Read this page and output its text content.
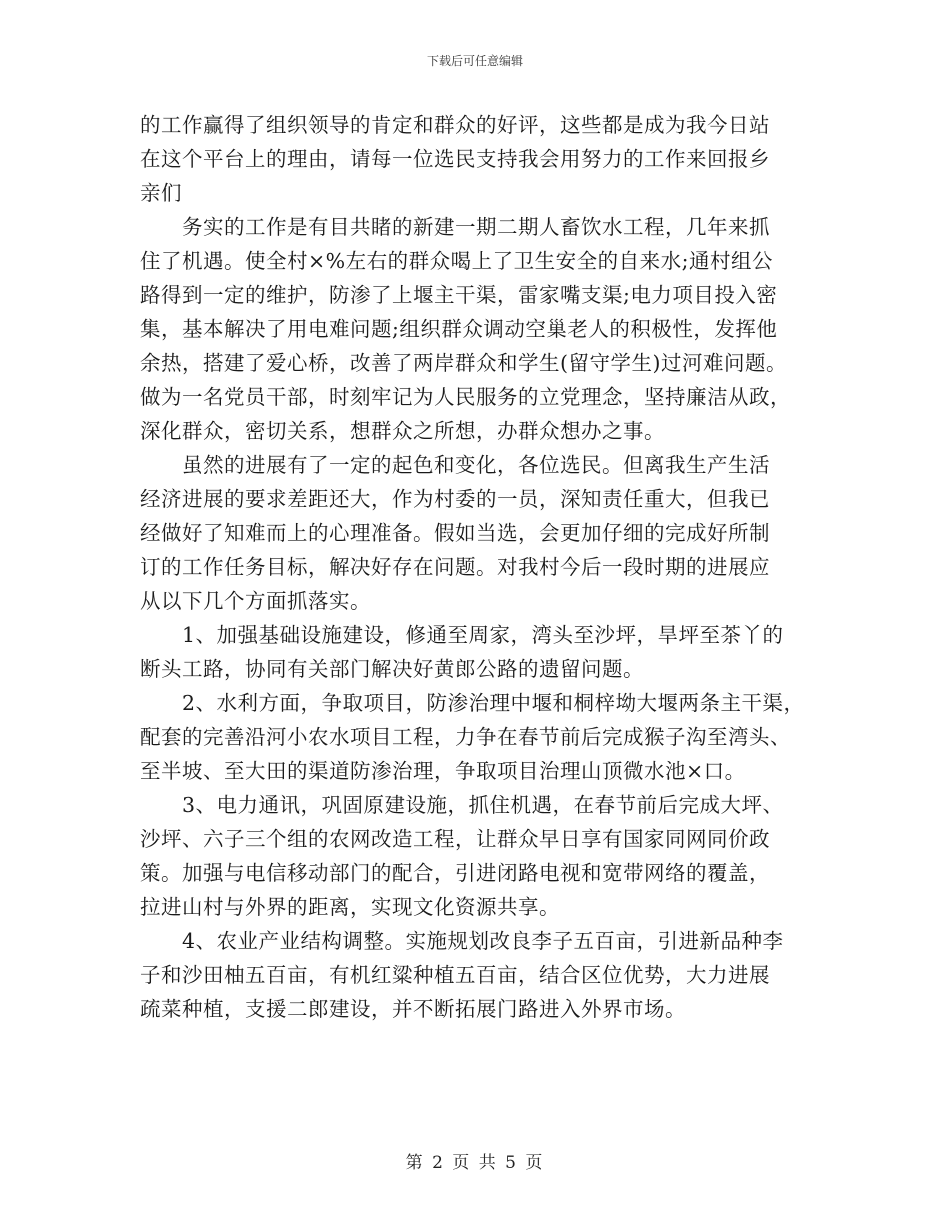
下载后可任意编辑
的工作赢得了组织领导的肯定和群众的好评，这些都是成为我今日站
在这个平台上的理由，请每一位选民支持我会用努力的工作来回报乡
亲们
务实的工作是有目共睹的新建一期二期人畜饮水工程，几年来抓
住了机遇。使全村×%左右的群众喝上了卫生安全的自来水;通村组公
路得到一定的维护，防渗了上堰主干渠，雷家嘴支渠;电力项目投入密
集，基本解决了用电难问题;组织群众调动空巢老人的积极性，发挥他
余热，搭建了爱心桥，改善了两岸群众和学生(留守学生)过河难问题。
做为一名党员干部，时刻牢记为人民服务的立党理念，坚持廉洁从政，
深化群众，密切关系，想群众之所想，办群众想办之事。
虽然的进展有了一定的起色和变化，各位选民。但离我生产生活
经济进展的要求差距还大，作为村委的一员，深知责任重大，但我已
经做好了知难而上的心理准备。假如当选，会更加仔细的完成好所制
订的工作任务目标，解决好存在问题。对我村今后一段时期的进展应
从以下几个方面抓落实。
1、加强基础设施建设，修通至周家，湾头至沙坪，旱坪至茶丫的
断头工路，协同有关部门解决好黄郎公路的遗留问题。
2、水利方面，争取项目，防渗治理中堰和桐梓坳大堰两条主干渠，
配套的完善沿河小农水项目工程，力争在春节前后完成猴子沟至湾头、
至半坡、至大田的渠道防渗治理，争取项目治理山顶微水池×口。
3、电力通讯，巩固原建设施，抓住机遇，在春节前后完成大坪、
沙坪、六子三个组的农网改造工程，让群众早日享有国家同网同价政
策。加强与电信移动部门的配合，引进闭路电视和宽带网络的覆盖，
拉进山村与外界的距离，实现文化资源共享。
4、农业产业结构调整。实施规划改良李子五百亩，引进新品种李
子和沙田柚五百亩，有机红粱种植五百亩，结合区位优势，大力进展
疏菜种植，支援二郎建设，并不断拓展门路进入外界市场。
第 2 页 共 5 页
